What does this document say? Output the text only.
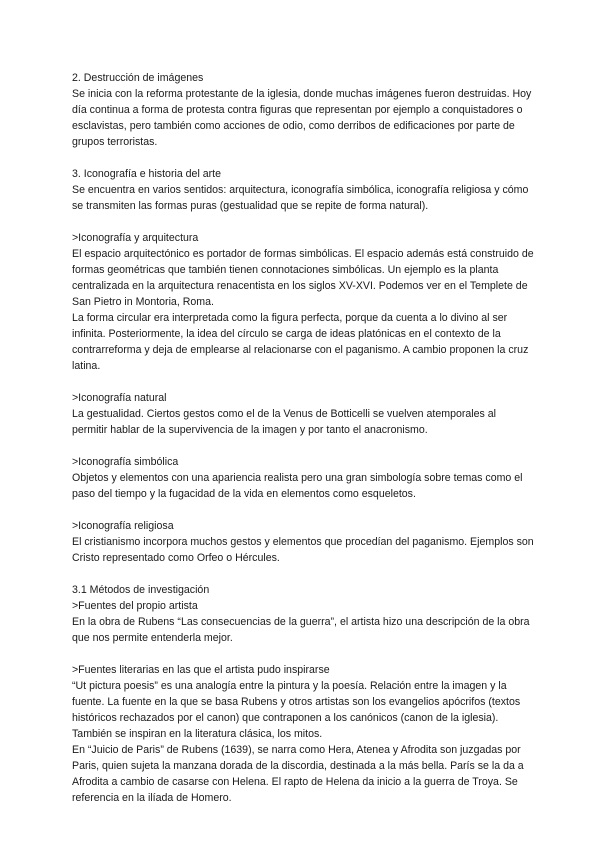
2. Destrucción de imágenes
Se inicia con la reforma protestante de la iglesia, donde muchas imágenes fueron destruidas. Hoy día continua a forma de protesta contra figuras que representan por ejemplo a conquistadores o esclavistas, pero también como acciones de odio, como derribos de edificaciones por parte de grupos terroristas.
3. Iconografía e historia del arte
Se encuentra en varios sentidos: arquitectura, iconografía simbólica, iconografía religiosa y cómo se transmiten las formas puras (gestualidad que se repite de forma natural).
>Iconografía y arquitectura
El espacio arquitectónico es portador de formas simbólicas. El espacio además está construido de formas geométricas que también tienen connotaciones simbólicas. Un ejemplo es la planta centralizada en la arquitectura renacentista en los siglos XV-XVI. Podemos ver en el Templete de San Pietro in Montoria, Roma.
La forma circular era interpretada como la figura perfecta, porque da cuenta a lo divino al ser infinita. Posteriormente, la idea del círculo se carga de ideas platónicas en el contexto de la contrarreforma y deja de emplearse al relacionarse con el paganismo. A cambio proponen la cruz latina.
>Iconografía natural
La gestualidad. Ciertos gestos como el de la Venus de Botticelli se vuelven atemporales al permitir hablar de la supervivencia de la imagen y por tanto el anacronismo.
>Iconografía simbólica
Objetos y elementos con una apariencia realista pero una gran simbología sobre temas como el paso del tiempo y la fugacidad de la vida en elementos como esqueletos.
>Iconografía religiosa
El cristianismo incorpora muchos gestos y elementos que procedían del paganismo. Ejemplos son Cristo representado como Orfeo o Hércules.
3.1 Métodos de investigación
>Fuentes del propio artista
En la obra de Rubens “Las consecuencias de la guerra”, el artista hizo una descripción de la obra que nos permite entenderla mejor.
>Fuentes literarias en las que el artista pudo inspirarse
“Ut pictura poesis” es una analogía entre la pintura y la poesía. Relación entre la imagen y la fuente. La fuente en la que se basa Rubens y otros artistas son los evangelios apócrifos (textos históricos rechazados por el canon) que contraponen a los canónicos (canon de la iglesia). También se inspiran en la literatura clásica, los mitos.
En “Juicio de Paris” de Rubens (1639), se narra como Hera, Atenea y Afrodita son juzgadas por Paris, quien sujeta la manzana dorada de la discordia, destinada a la más bella. París se la da a Afrodita a cambio de casarse con Helena. El rapto de Helena da inicio a la guerra de Troya. Se referencia en la ilíada de Homero.
